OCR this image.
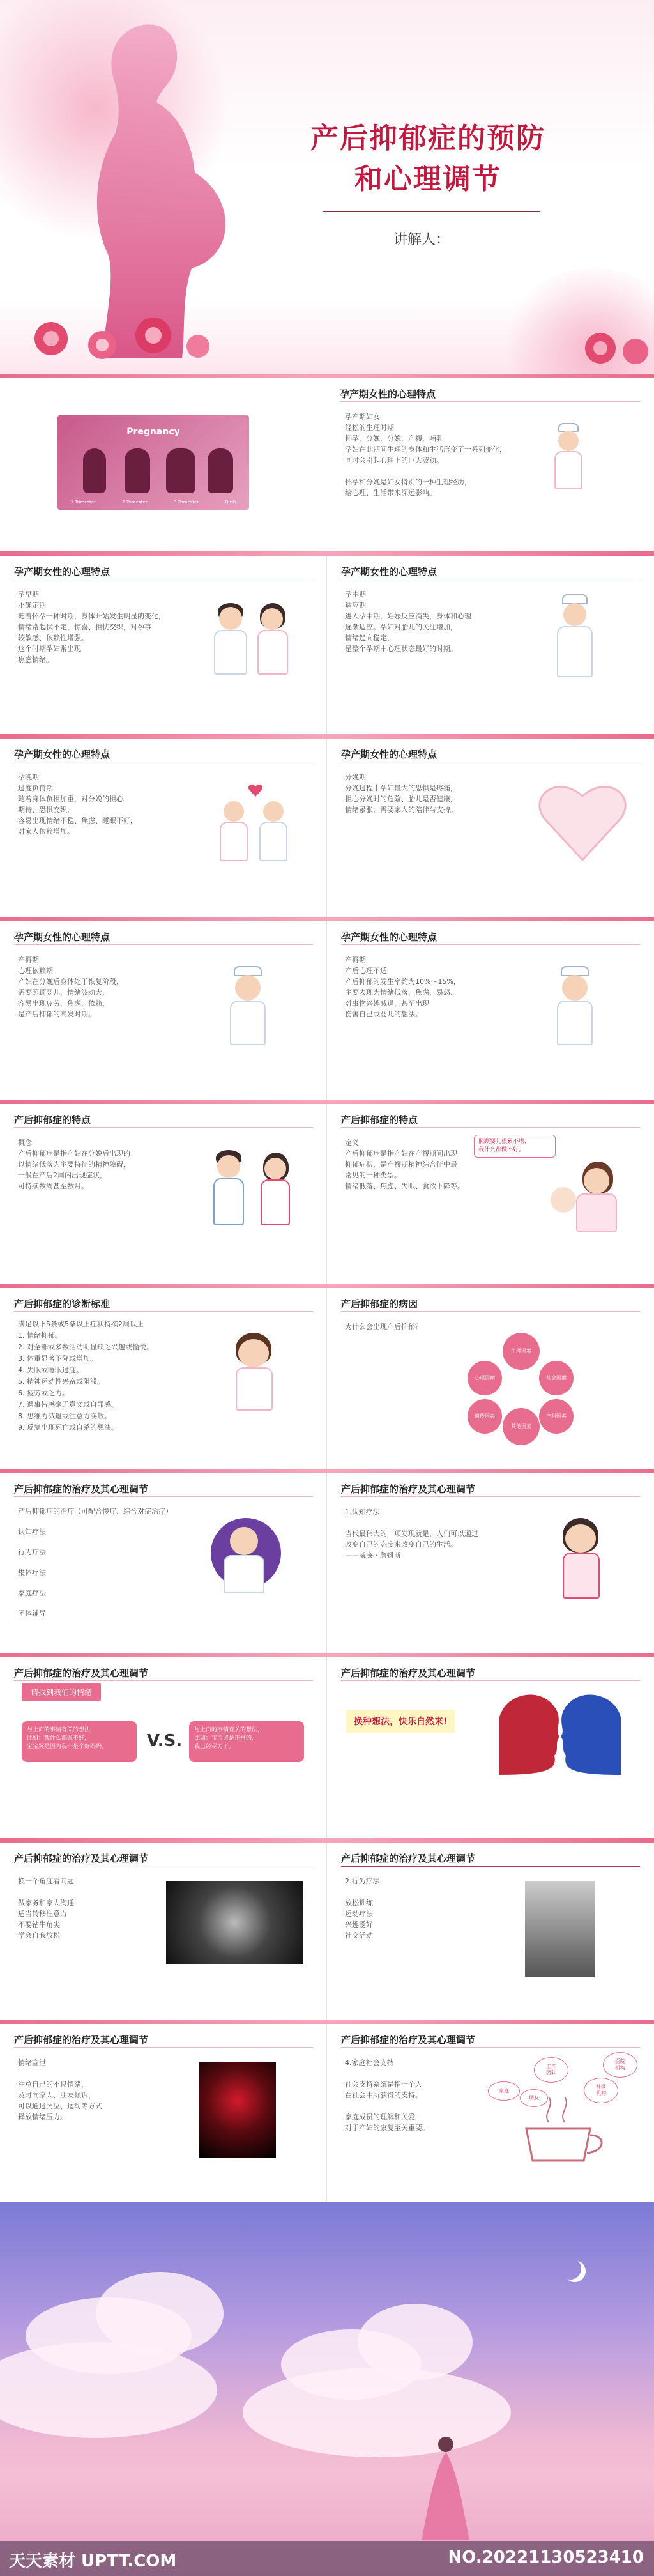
产后抑郁症的预防
和心理调节
讲解人：
孕产期女性的心理特点
Pregnancy
1 Trimester	2 Trimester	3 Trimester	Birth
孕产期妇女
轻松的生理时期
怀孕、分娩、分娩、产褥、哺乳
孕妇在此期间生理的身体和生活形变了一系列变化，
同时会引起心理上的巨大波动。

怀孕和分娩是妇女特别的一种生理经历，
给心理、生活带来深远影响。
孕产期女性的心理特点
孕早期
不确定期
随着怀孕一种时期，身体开始发生明显的变化，
情绪常起伏不定，惊喜、担忧交织，对孕事
较敏感、依赖性增强。
这个时期孕妇常出现
焦虑情绪。
孕产期女性的心理特点
孕中期
适应期
进入孕中期，妊娠反应消失，身体和心理
逐渐适应。孕妇对胎儿的关注增加，
情绪趋向稳定，
是整个孕期中心理状态最好的时期。
孕产期女性的心理特点
孕晚期
过度负荷期
随着身体负担加重，对分娩的担心、
期待、恐惧交织，
容易出现情绪不稳、焦虑、睡眠不好，
对家人依赖增加。
孕产期女性的心理特点
分娩期
分娩过程中孕妇最大的恐惧是疼痛，
担心分娩时的危险、胎儿是否健康，
情绪紧张，需要家人的陪伴与支持。
孕产期女性的心理特点
产褥期
心理依赖期
产妇在分娩后身体处于恢复阶段，
需要照顾婴儿，情绪波动大，
容易出现疲劳、焦虑、依赖，
是产后抑郁的高发时期。
孕产期女性的心理特点
产褥期
产后心理不适
产后抑郁的发生率约为10%～15%，
主要表现为情绪低落、焦虑、易怒、
对事物兴趣减退，甚至出现
伤害自己或婴儿的想法。
产后抑郁症的特点
概念
产后抑郁症是指产妇在分娩后出现的
以情绪低落为主要特征的精神障碍，
一般在产后2周内出现症状，
可持续数周甚至数月。
产后抑郁症的特点
定义
产后抑郁症是指产妇在产褥期间出现
抑郁症状，是产褥期精神综合征中最
常见的一种类型。
情绪低落、焦虑、失眠、食欲下降等。
照顾婴儿很累不堪，
我什么都做不好。
产后抑郁症的诊断标准
满足以下5条或5条以上症状持续2周以上
1. 情绪抑郁。
2. 对全部或多数活动明显缺乏兴趣或愉悦。
3. 体重显著下降或增加。
4. 失眠或睡眠过度。
5. 精神运动性兴奋或阻滞。
6. 疲劳或乏力。
7. 遇事皆感毫无意义或自罪感。
8. 思维力减退或注意力涣散。
9. 反复出现死亡或自杀的想法。
产后抑郁症的病因
为什么会出现产后抑郁？
生理因素
心理因素	社会因素
遗传因素	产科因素
其他因素
产后抑郁症的治疗及其心理调节
产后抑郁症的治疗（可配合慢疗、综合对症治疗）

认知疗法

行为疗法

集体疗法

家庭疗法

团体辅导
产后抑郁症的治疗及其心理调节
1.认知疗法

当代最伟大的一项发现就是，人们可以通过
改变自己的态度来改变自己的生活。
——威廉 · 詹姆斯
产后抑郁症的治疗及其心理调节
请找到我们的情绪
与上面的事情有关的想法，
比如：我什么都做不好，
宝宝哭是因为我不是个好妈妈。	V.S.
与上面的事情有关的想法，
比如：宝宝哭是正常的，
我已经尽力了。
产后抑郁症的治疗及其心理调节
换种想法，快乐自然来!
产后抑郁症的治疗及其心理调节
换一个角度看问题

做家务和家人沟通
适当转移注意力
不要钻牛角尖
学会自我放松
产后抑郁症的治疗及其心理调节
2.行为疗法

放松训练
运动疗法
兴趣爱好
社交活动
产后抑郁症的治疗及其心理调节
情绪宣泄

注意自己的不良情绪，
及时向家人、朋友倾诉，
可以通过哭泣、运动等方式
释放情绪压力。
产后抑郁症的治疗及其心理调节
4.家庭社会支持

社会支持系统是指一个人
在社会中所获得的支持。

家庭成员的理解和关爱
对于产妇的康复至关重要。
家庭
工作
团队
社区
机构
朋友
医院
机构
天天素材 UPTT.COM	NO.20221130523410
